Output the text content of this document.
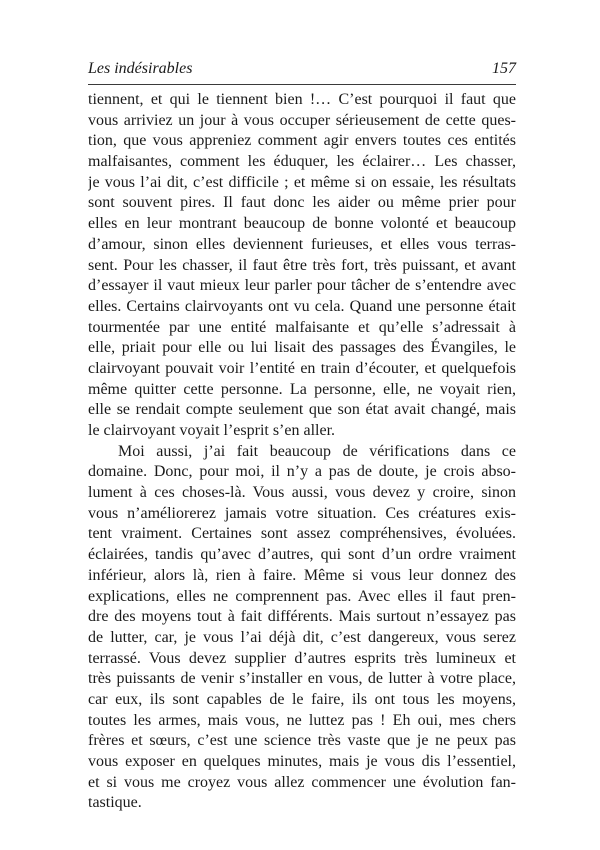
Les indésirables	157
tiennent, et qui le tiennent bien !… C’est pourquoi il faut que
vous arriviez un jour à vous occuper sérieusement de cette ques-
tion, que vous appreniez comment agir envers toutes ces entités
malfaisantes, comment les éduquer, les éclairer… Les chasser,
je vous l’ai dit, c’est difficile ; et même si on essaie, les résultats
sont souvent pires. Il faut donc les aider ou même prier pour
elles en leur montrant beaucoup de bonne volonté et beaucoup
d’amour, sinon elles deviennent furieuses, et elles vous terras-
sent. Pour les chasser, il faut être très fort, très puissant, et avant
d’essayer il vaut mieux leur parler pour tâcher de s’entendre avec
elles. Certains clairvoyants ont vu cela. Quand une personne était
tourmentée par une entité malfaisante et qu’elle s’adressait à
elle, priait pour elle ou lui lisait des passages des Évangiles, le
clairvoyant pouvait voir l’entité en train d’écouter, et quelquefois
même quitter cette personne. La personne, elle, ne voyait rien,
elle se rendait compte seulement que son état avait changé, mais
le clairvoyant voyait l’esprit s’en aller.
Moi aussi, j’ai fait beaucoup de vérifications dans ce
domaine. Donc, pour moi, il n’y a pas de doute, je crois abso-
lument à ces choses-là. Vous aussi, vous devez y croire, sinon
vous n’améliorerez jamais votre situation. Ces créatures exis-
tent vraiment. Certaines sont assez compréhensives, évoluées.
éclairées, tandis qu’avec d’autres, qui sont d’un ordre vraiment
inférieur, alors là, rien à faire. Même si vous leur donnez des
explications, elles ne comprennent pas. Avec elles il faut pren-
dre des moyens tout à fait différents. Mais surtout n’essayez pas
de lutter, car, je vous l’ai déjà dit, c’est dangereux, vous serez
terrassé. Vous devez supplier d’autres esprits très lumineux et
très puissants de venir s’installer en vous, de lutter à votre place,
car eux, ils sont capables de le faire, ils ont tous les moyens,
toutes les armes, mais vous, ne luttez pas ! Eh oui, mes chers
frères et sœurs, c’est une science très vaste que je ne peux pas
vous exposer en quelques minutes, mais je vous dis l’essentiel,
et si vous me croyez vous allez commencer une évolution fan-
tastique.
